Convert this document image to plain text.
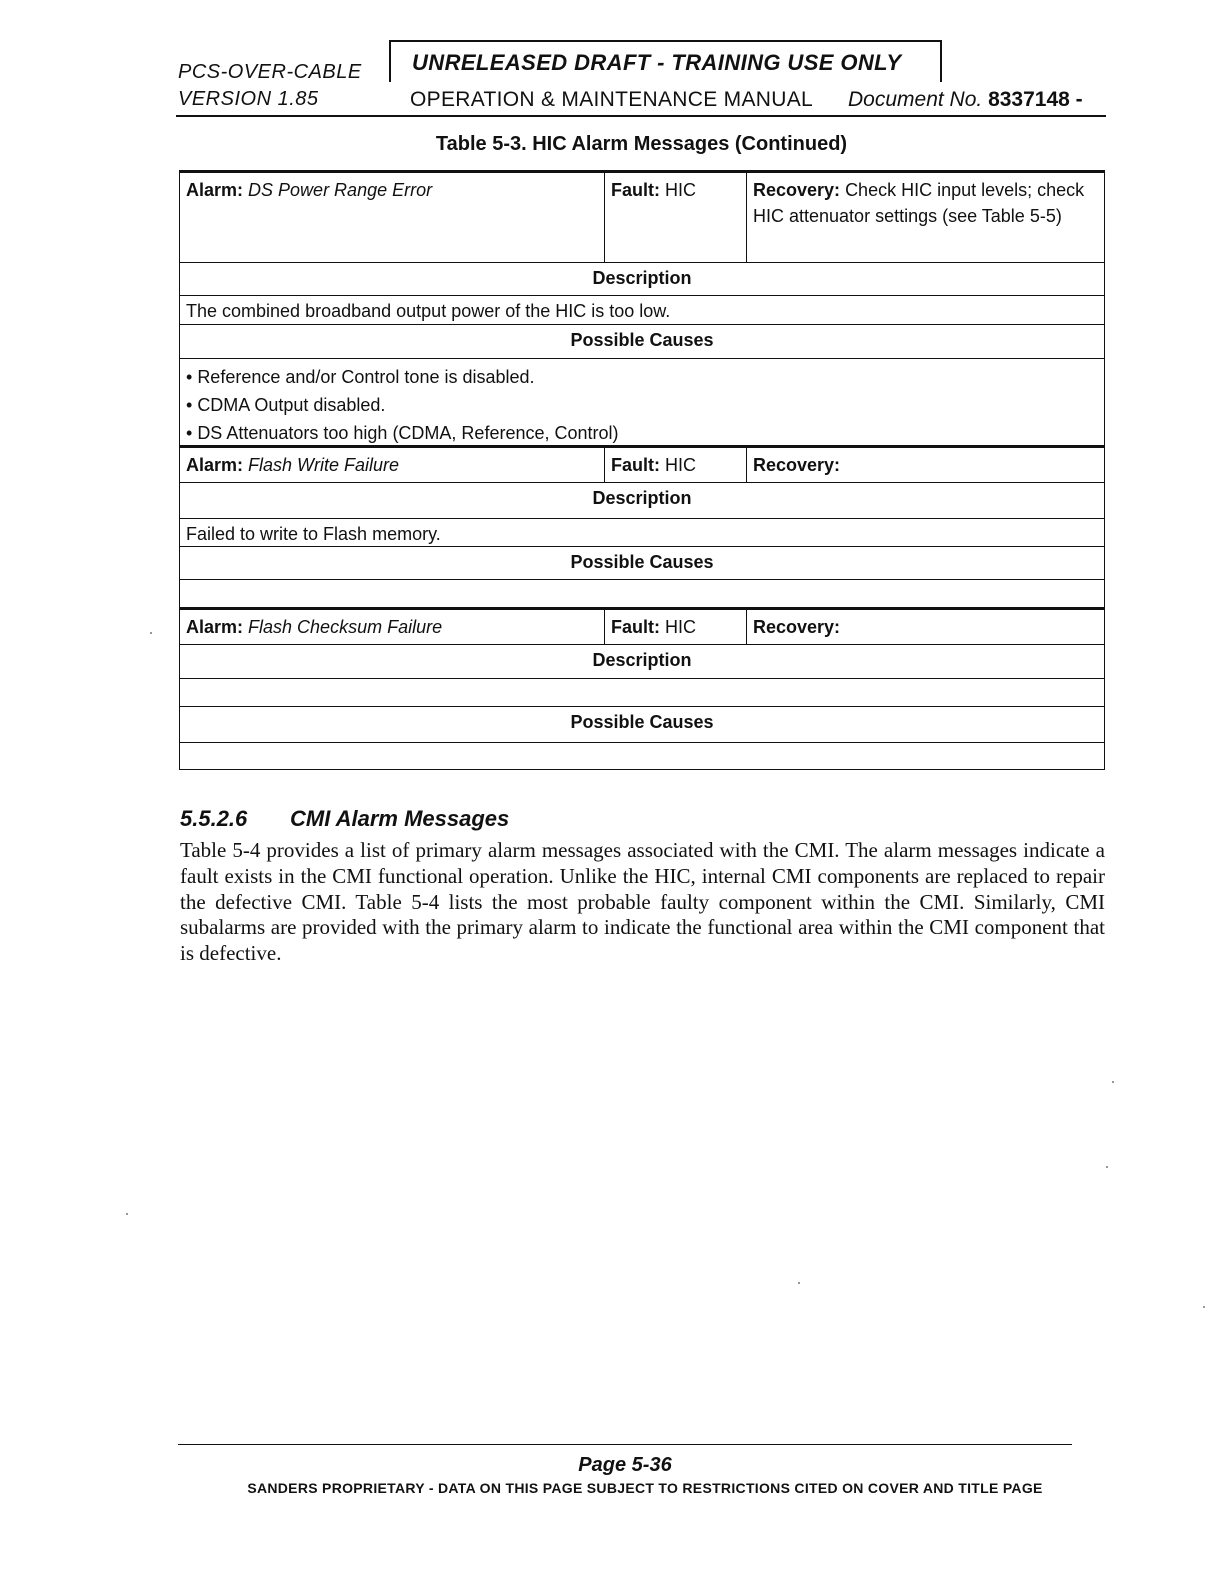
PCS-OVER-CABLE
VERSION 1.85
UNRELEASED DRAFT - TRAINING USE ONLY
OPERATION & MAINTENANCE MANUAL Document No. 8337148 -
Table 5-3. HIC Alarm Messages (Continued)
Alarm: DS Power Range Error	Fault: HIC	Recovery: Check HIC input levels; check HIC attenuator settings (see Table 5-5)
Description
The combined broadband output power of the HIC is too low.
Possible Causes
• Reference and/or Control tone is disabled.
• CDMA Output disabled.
• DS Attenuators too high (CDMA, Reference, Control)
Alarm: Flash Write Failure	Fault: HIC	Recovery:
Description
Failed to write to Flash memory.
Possible Causes
Alarm: Flash Checksum Failure	Fault: HIC	Recovery:
Description
Possible Causes
5.5.2.6 CMI Alarm Messages
Table 5-4 provides a list of primary alarm messages associated with the CMI. The alarm messages indicate a fault exists in the CMI functional operation. Unlike the HIC, internal CMI components are replaced to repair the defective CMI. Table 5-4 lists the most probable faulty component within the CMI. Similarly, CMI subalarms are provided with the primary alarm to indicate the functional area within the CMI component that is defective.
Page 5-36
SANDERS PROPRIETARY - DATA ON THIS PAGE SUBJECT TO RESTRICTIONS CITED ON COVER AND TITLE PAGE
